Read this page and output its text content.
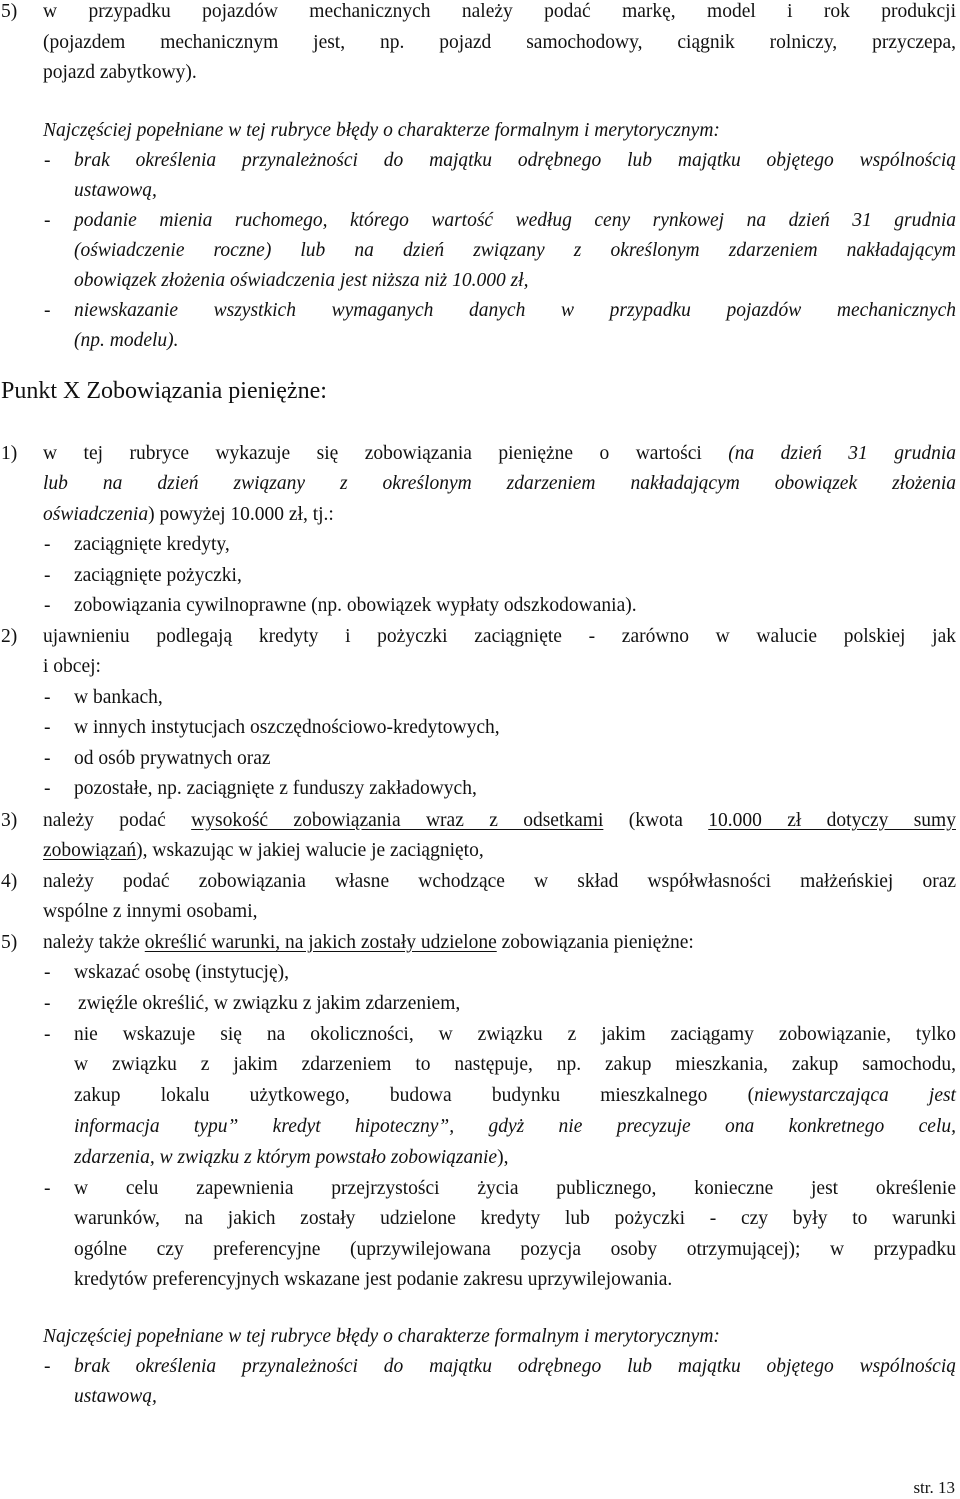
5) w przypadku pojazdów mechanicznych należy podać markę, model i rok produkcji
(pojazdem mechanicznym jest, np. pojazd samochodowy, ciągnik rolniczy, przyczepa,
pojazd zabytkowy).
Najczęściej popełniane w tej rubryce błędy o charakterze formalnym i merytorycznym:
- brak określenia przynależności do majątku odrębnego lub majątku objętego wspólnością
ustawową,
- podanie mienia ruchomego, którego wartość według ceny rynkowej na dzień 31 grudnia
(oświadczenie roczne) lub na dzień związany z określonym zdarzeniem nakładającym
obowiązek złożenia oświadczenia jest niższa niż 10.000 zł,
- niewskazanie wszystkich wymaganych danych w przypadku pojazdów mechanicznych
(np. modelu).
Punkt X Zobowiązania pieniężne:
1) w tej rubryce wykazuje się zobowiązania pieniężne o wartości (na dzień 31 grudnia
lub na dzień związany z określonym zdarzeniem nakładającym obowiązek złożenia
oświadczenia) powyżej 10.000 zł, tj.:
- zaciągnięte kredyty,
- zaciągnięte pożyczki,
- zobowiązania cywilnoprawne (np. obowiązek wypłaty odszkodowania).
2) ujawnieniu podlegają kredyty i pożyczki zaciągnięte - zarówno w walucie polskiej jak
i obcej:
- w bankach,
- w innych instytucjach oszczędnościowo-kredytowych,
- od osób prywatnych oraz
- pozostałe, np. zaciągnięte z funduszy zakładowych,
3) należy podać wysokość zobowiązania wraz z odsetkami (kwota 10.000 zł dotyczy sumy
zobowiązań), wskazując w jakiej walucie je zaciągnięto,
4) należy podać zobowiązania własne wchodzące w skład współwłasności małżeńskiej oraz
wspólne z innymi osobami,
5) należy także określić warunki, na jakich zostały udzielone zobowiązania pieniężne:
- wskazać osobę (instytucję),
- zwięźle określić, w związku z jakim zdarzeniem,
- nie wskazuje się na okoliczności, w związku z jakim zaciągamy zobowiązanie, tylko
w związku z jakim zdarzeniem to następuje, np. zakup mieszkania, zakup samochodu,
zakup lokalu użytkowego, budowa budynku mieszkalnego (niewystarczająca jest
informacja typu” kredyt hipoteczny”, gdyż nie precyzuje ona konkretnego celu,
zdarzenia, w związku z którym powstało zobowiązanie),
- w celu zapewnienia przejrzystości życia publicznego, konieczne jest określenie
warunków, na jakich zostały udzielone kredyty lub pożyczki - czy były to warunki
ogólne czy preferencyjne (uprzywilejowana pozycja osoby otrzymującej); w przypadku
kredytów preferencyjnych wskazane jest podanie zakresu uprzywilejowania.
Najczęściej popełniane w tej rubryce błędy o charakterze formalnym i merytorycznym:
- brak określenia przynależności do majątku odrębnego lub majątku objętego wspólnością
ustawową,
str. 13
